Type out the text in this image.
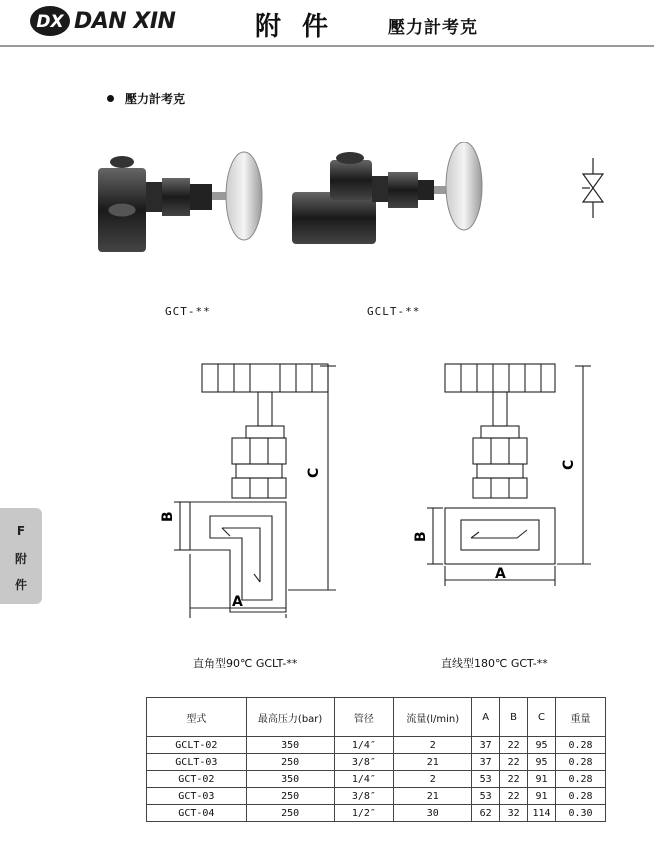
DX DAN XIN	附 件	壓力計考克
壓力計考克
GCT-**	GCLT-**
F
附
件
C
B
A
C
B
A
直角型90℃ GCLT-**	直线型180℃ GCT-**
型式	最高压力(bar)	管径	流量(l/min)	A	B	C	重量
GCLT-02	350	1/4″	2	37	22	95	0.28
GCLT-03	250	3/8″	21	37	22	95	0.28
GCT-02	350	1/4″	2	53	22	91	0.28
GCT-03	250	3/8″	21	53	22	91	0.28
GCT-04	250	1/2″	30	62	32	114	0.30
